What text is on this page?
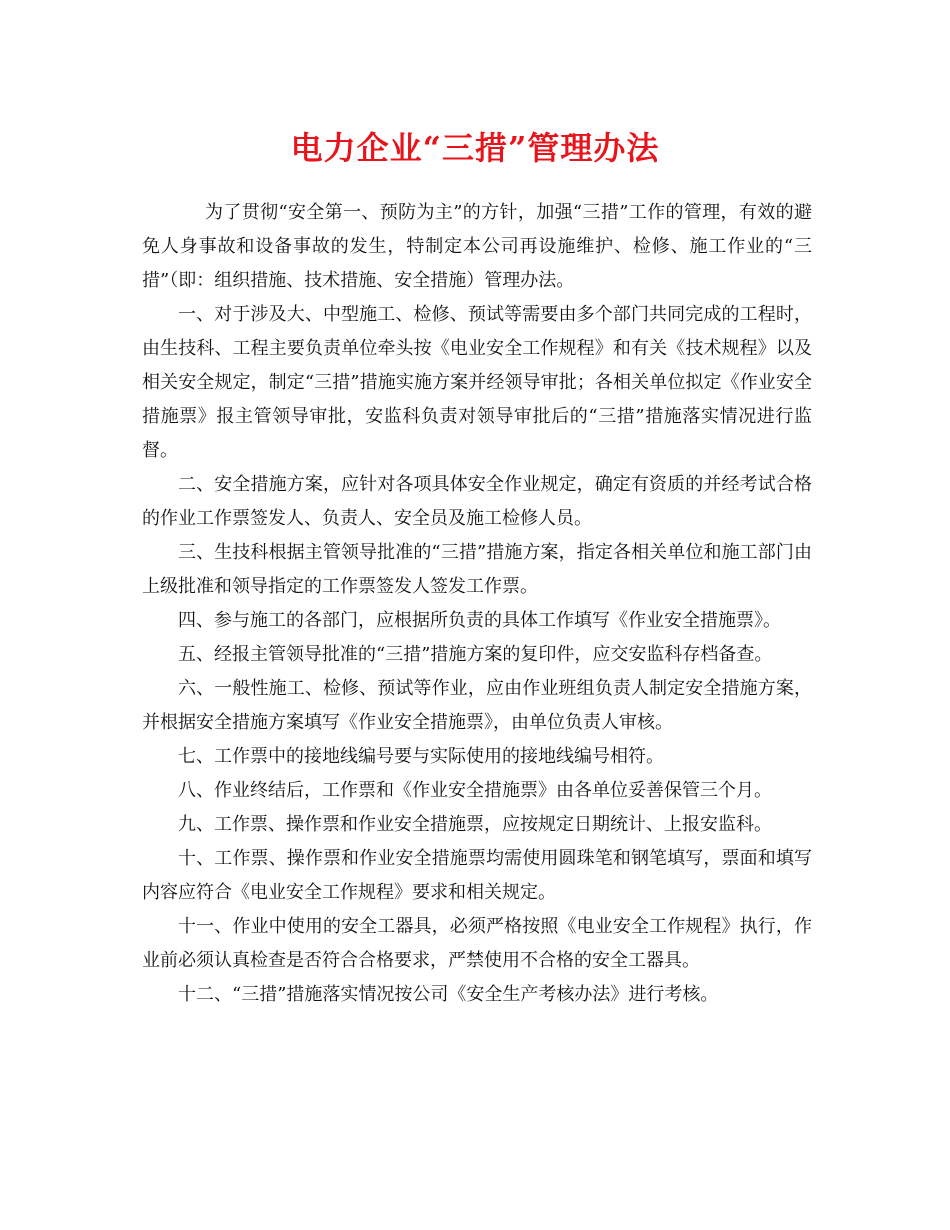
电力企业“三措”管理办法

为了贯彻“安全第一、预防为主”的方针，加强“三措”工作的管理，有效的避免人身事故和设备事故的发生，特制定本公司再设施维护、检修、施工作业的“三措”（即：组织措施、技术措施、安全措施）管理办法。

一、对于涉及大、中型施工、检修、预试等需要由多个部门共同完成的工程时，由生技科、工程主要负责单位牵头按《电业安全工作规程》和有关《技术规程》以及相关安全规定，制定“三措”措施实施方案并经领导审批；各相关单位拟定《作业安全措施票》报主管领导审批，安监科负责对领导审批后的“三措”措施落实情况进行监督。

二、安全措施方案，应针对各项具体安全作业规定，确定有资质的并经考试合格的作业工作票签发人、负责人、安全员及施工检修人员。

三、生技科根据主管领导批准的“三措”措施方案，指定各相关单位和施工部门由上级批准和领导指定的工作票签发人签发工作票。

四、参与施工的各部门，应根据所负责的具体工作填写《作业安全措施票》。

五、经报主管领导批准的“三措”措施方案的复印件，应交安监科存档备查。

六、一般性施工、检修、预试等作业，应由作业班组负责人制定安全措施方案，并根据安全措施方案填写《作业安全措施票》，由单位负责人审核。

七、工作票中的接地线编号要与实际使用的接地线编号相符。

八、作业终结后，工作票和《作业安全措施票》由各单位妥善保管三个月。

九、工作票、操作票和作业安全措施票，应按规定日期统计、上报安监科。

十、工作票、操作票和作业安全措施票均需使用圆珠笔和钢笔填写，票面和填写内容应符合《电业安全工作规程》要求和相关规定。

十一、作业中使用的安全工器具，必须严格按照《电业安全工作规程》执行，作业前必须认真检查是否符合合格要求，严禁使用不合格的安全工器具。

十二、“三措”措施落实情况按公司《安全生产考核办法》进行考核。
